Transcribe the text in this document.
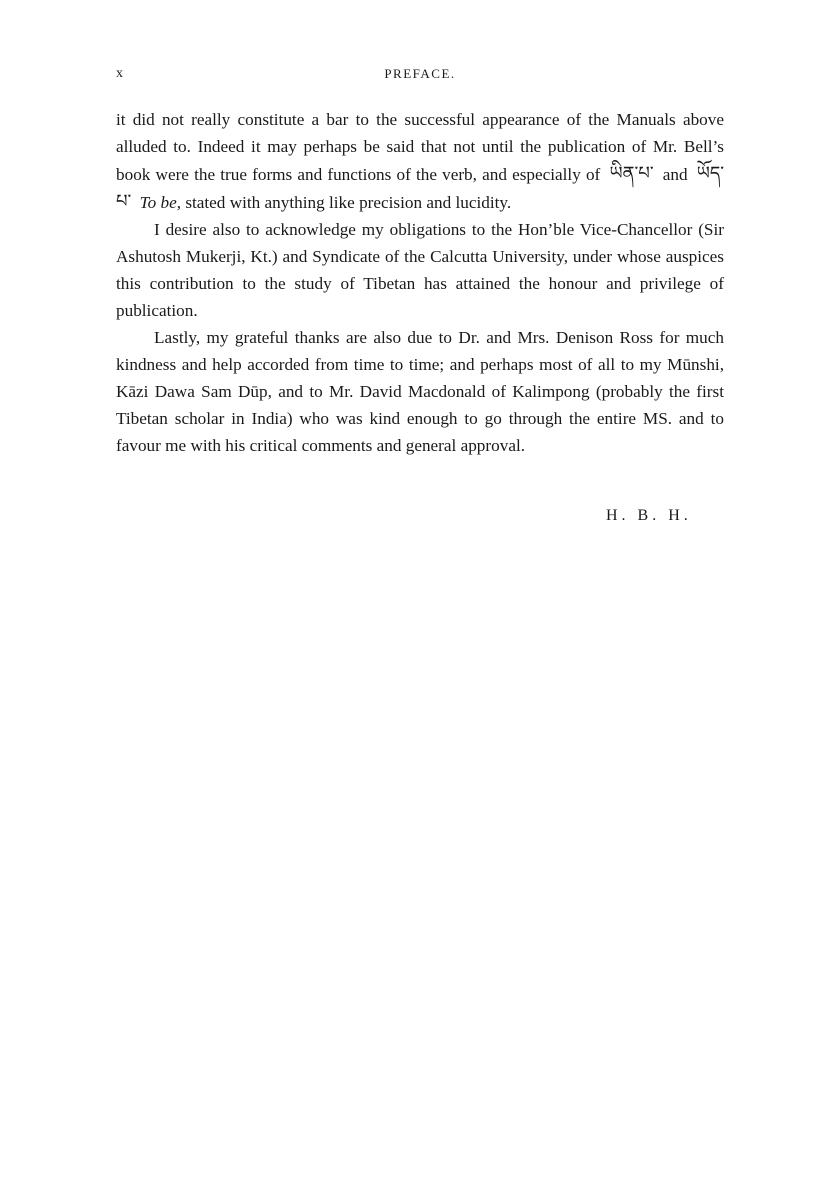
x	PREFACE.

it did not really constitute a bar to the successful appearance of the Manuals above alluded to. Indeed it may perhaps be said that not until the publication of Mr. Bell’s book were the true forms and functions of the verb, and especially of ཡིན་པ་ and ཡོད་པ་ To be, stated with anything like precision and lucidity.

I desire also to acknowledge my obligations to the Hon’ble Vice-Chancellor (Sir Ashutosh Mukerji, Kt.) and Syndicate of the Calcutta University, under whose auspices this contribution to the study of Tibetan has attained the honour and privilege of publication.

Lastly, my grateful thanks are also due to Dr. and Mrs. Denison Ross for much kindness and help accorded from time to time; and perhaps most of all to my Mūnshi, Kāzi Dawa Sam Dūp, and to Mr. David Macdonald of Kalimpong (probably the first Tibetan scholar in India) who was kind enough to go through the entire MS. and to favour me with his critical comments and general approval.

H. B. H.
